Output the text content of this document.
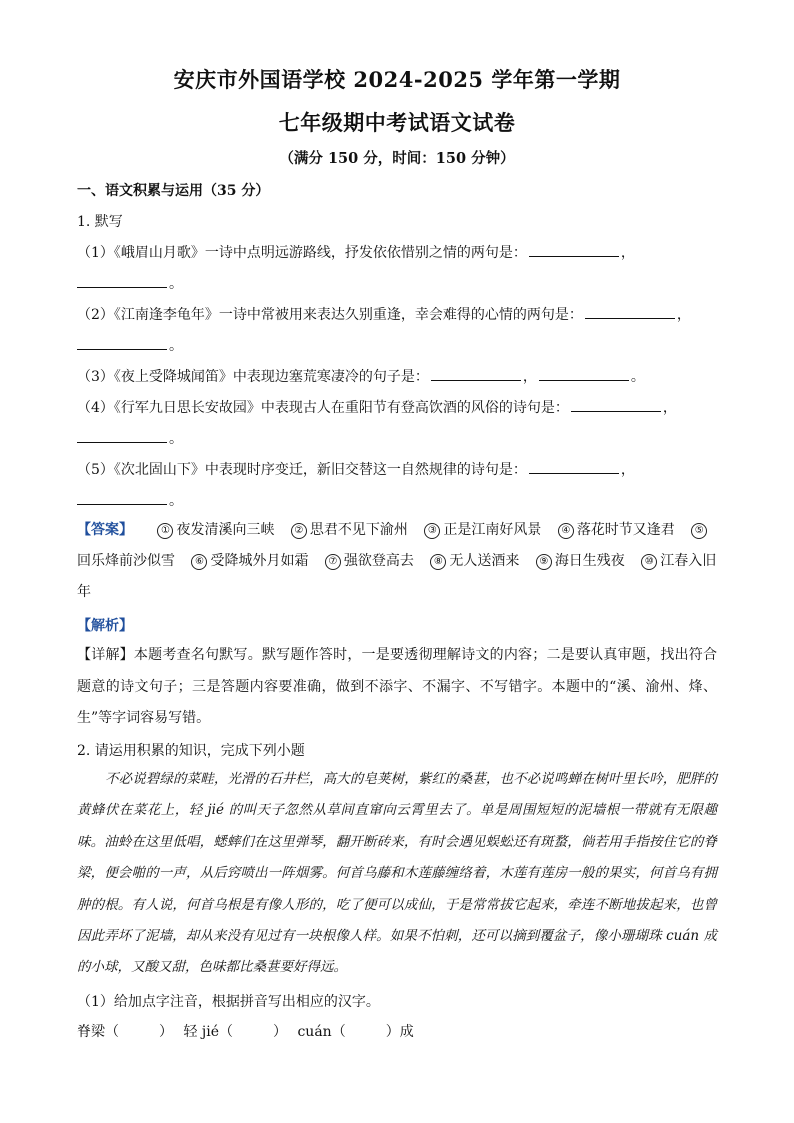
安庆市外国语学校 2024-2025 学年第一学期
七年级期中考试语文试卷
（满分 150 分，时间：150 分钟）
一、语文积累与运用（35 分）
1. 默写
（1）《峨眉山月歌》一诗中点明远游路线，抒发依依惜别之情的两句是：	，
。
（2）《江南逢李龟年》一诗中常被用来表达久别重逢，幸会难得的心情的两句是：	，
。
（3）《夜上受降城闻笛》中表现边塞荒寒凄冷的句子是：	，	。
（4）《行军九日思长安故园》中表现古人在重阳节有登高饮酒的风俗的诗句是：	，
。
（5）《次北固山下》中表现时序变迁，新旧交替这一自然规律的诗句是：	，
。
【答案】	① 夜发清溪向三峡 ② 思君不见下渝州 ③ 正是江南好风景 ④ 落花时节又逢君 ⑤回乐烽前沙似雪 ⑥ 受降城外月如霜 ⑦ 强欲登高去 ⑧ 无人送酒来 ⑨ 海日生残夜 ⑩ 江春入旧年
【解析】
【详解】本题考查名句默写。默写题作答时，一是要透彻理解诗文的内容；二是要认真审题，找出符合题意的诗文句子；三是答题内容要准确，做到不添字、不漏字、不写错字。本题中的“溪、渝州、烽、生”等字词容易写错。
2. 请运用积累的知识，完成下列小题
不必说碧绿的菜畦，光滑的石井栏，高大的皂荚树，紫红的桑葚，也不必说鸣蝉在树叶里长吟，肥胖的黄蜂伏在菜花上，轻 jié 的叫天子忽然从草间直窜向云霄里去了。单是周围短短的泥墙根一带就有无限趣味。油蛉在这里低唱，蟋蟀们在这里弹琴，翻开断砖来，有时会遇见蜈蚣还有斑蝥，倘若用手指按住它的脊梁，便会啪的一声，从后窍喷出一阵烟雾。何首乌藤和木莲藤缠络着，木莲有莲房一般的果实，何首乌有拥肿的根。有人说，何首乌根是有像人形的，吃了便可以成仙，于是常常拔它起来，牵连不断地拔起来，也曾因此弄坏了泥墙，却从来没有见过有一块根像人样。如果不怕刺，还可以摘到覆盆子，像小珊瑚珠 cuán 成的小球，又酸又甜，色味都比桑葚要好得远。
（1）给加点字注音，根据拼音写出相应的汉字。
脊梁（	） 轻 jié（	） cuán（	）成
